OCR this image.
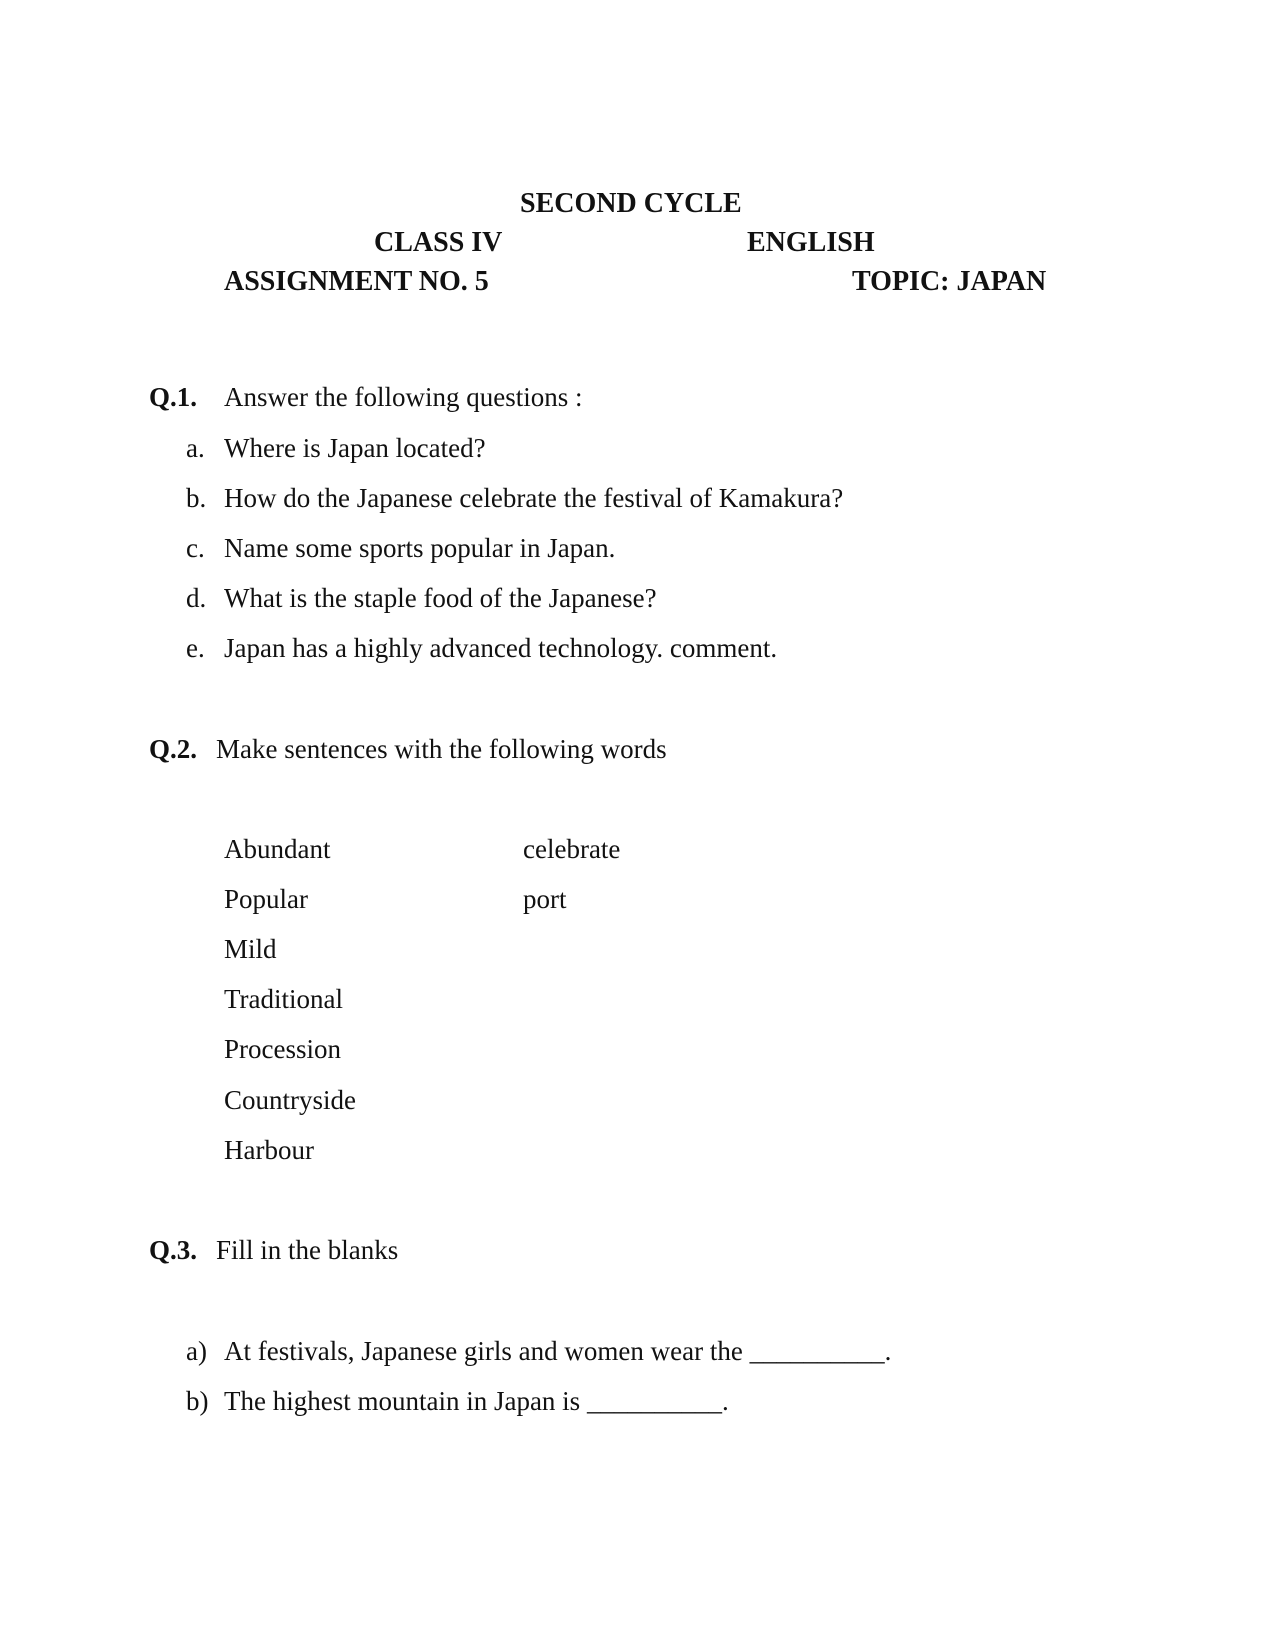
SECOND CYCLE
CLASS IV	ENGLISH
ASSIGNMENT NO. 5	TOPIC: JAPAN
Q.1. Answer the following questions :
a. Where is Japan located?
b. How do the Japanese celebrate the festival of Kamakura?
c. Name some sports popular in Japan.
d. What is the staple food of the Japanese?
e. Japan has a highly advanced technology. comment.
Q.2. Make sentences with the following words
Abundant
Popular
Mild
Traditional
Procession
Countryside
Harbour
celebrate
port
Q.3. Fill in the blanks
a) At festivals, Japanese girls and women wear the __________.
b) The highest mountain in Japan is __________.
